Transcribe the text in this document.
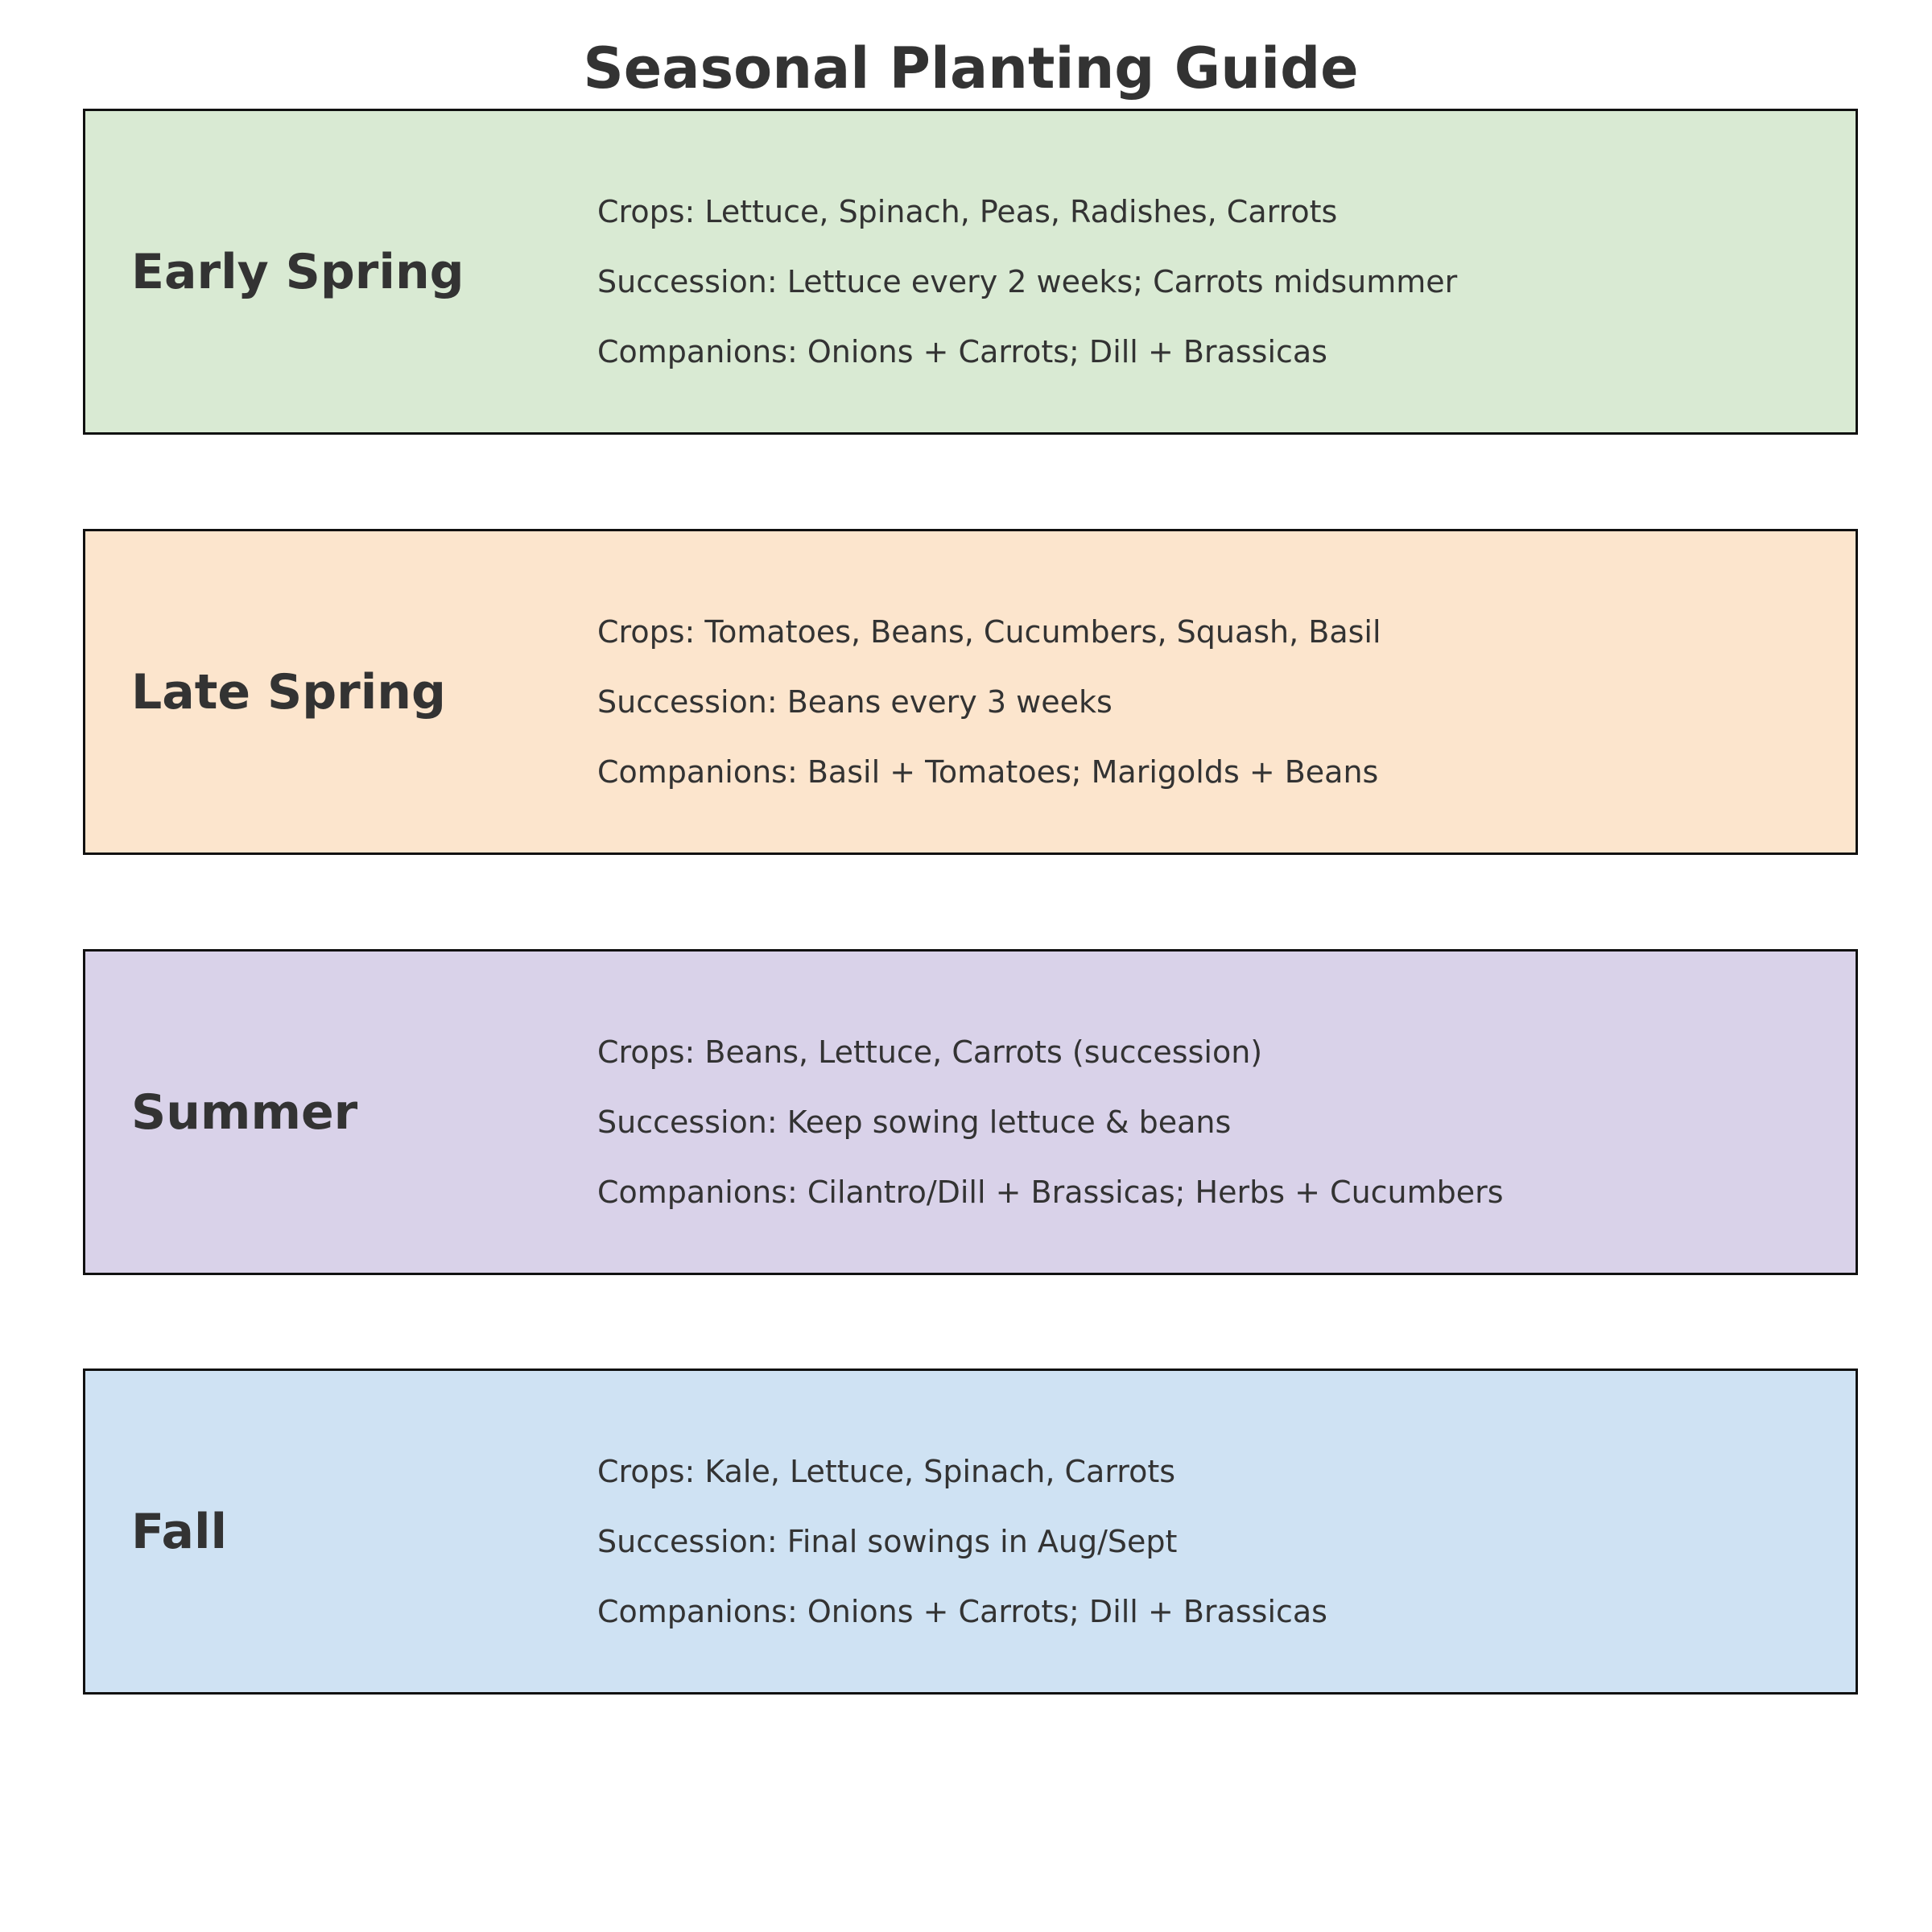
Seasonal Planting Guide
Early Spring
Crops: Lettuce, Spinach, Peas, Radishes, Carrots
Succession: Lettuce every 2 weeks; Carrots midsummer
Companions: Onions + Carrots; Dill + Brassicas
Late Spring
Crops: Tomatoes, Beans, Cucumbers, Squash, Basil
Succession: Beans every 3 weeks
Companions: Basil + Tomatoes; Marigolds + Beans
Summer
Crops: Beans, Lettuce, Carrots (succession)
Succession: Keep sowing lettuce & beans
Companions: Cilantro/Dill + Brassicas; Herbs + Cucumbers
Fall
Crops: Kale, Lettuce, Spinach, Carrots
Succession: Final sowings in Aug/Sept
Companions: Onions + Carrots; Dill + Brassicas
